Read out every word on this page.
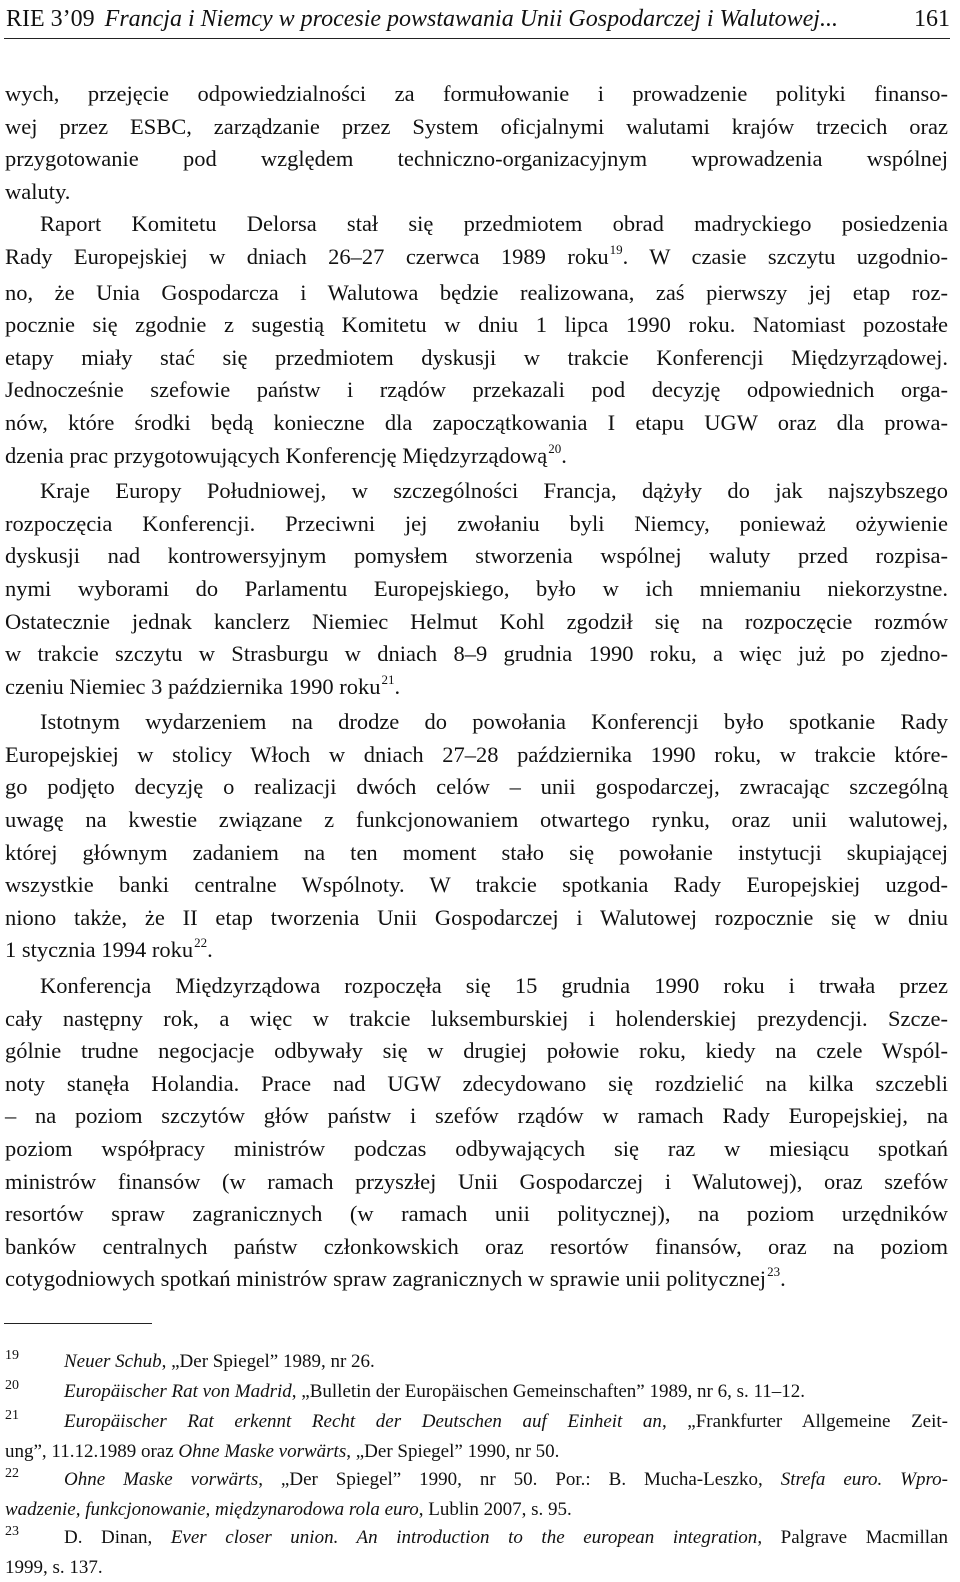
RIE 3’09 Francja i Niemcy w procesie powstawania Unii Gospodarczej i Walutowej...	161

wych, przejęcie odpowiedzialności za formułowanie i prowadzenie polityki finanso-
wej przez ESBC, zarządzanie przez System oficjalnymi walutami krajów trzecich oraz
przygotowanie pod względem techniczno-organizacyjnym wprowadzenia wspólnej
waluty.

Raport Komitetu Delorsa stał się przedmiotem obrad madryckiego posiedzenia
Rady Europejskiej w dniach 26–27 czerwca 1989 roku$^{19}$. W czasie szczytu uzgodnio-
no, że Unia Gospodarcza i Walutowa będzie realizowana, zaś pierwszy jej etap roz-
pocznie się zgodnie z sugestią Komitetu w dniu 1 lipca 1990 roku. Natomiast pozostałe
etapy miały stać się przedmiotem dyskusji w trakcie Konferencji Międzyrządowej.
Jednocześnie szefowie państw i rządów przekazali pod decyzję odpowiednich orga-
nów, które środki będą konieczne dla zapoczątkowania I etapu UGW oraz dla prowa-
dzenia prac przygotowujących Konferencję Międzyrządową$^{20}$.

Kraje Europy Południowej, w szczególności Francja, dążyły do jak najszybszego
rozpoczęcia Konferencji. Przeciwni jej zwołaniu byli Niemcy, ponieważ ożywienie
dyskusji nad kontrowersyjnym pomysłem stworzenia wspólnej waluty przed rozpisa-
nymi wyborami do Parlamentu Europejskiego, było w ich mniemaniu niekorzystne.
Ostatecznie jednak kanclerz Niemiec Helmut Kohl zgodził się na rozpoczęcie rozmów
w trakcie szczytu w Strasburgu w dniach 8–9 grudnia 1990 roku, a więc już po zjedno-
czeniu Niemiec 3 października 1990 roku$^{21}$.

Istotnym wydarzeniem na drodze do powołania Konferencji było spotkanie Rady
Europejskiej w stolicy Włoch w dniach 27–28 października 1990 roku, w trakcie które-
go podjęto decyzję o realizacji dwóch celów – unii gospodarczej, zwracając szczególną
uwagę na kwestie związane z funkcjonowaniem otwartego rynku, oraz unii walutowej,
której głównym zadaniem na ten moment stało się powołanie instytucji skupiającej
wszystkie banki centralne Wspólnoty. W trakcie spotkania Rady Europejskiej uzgod-
niono także, że II etap tworzenia Unii Gospodarczej i Walutowej rozpocznie się w dniu
1 stycznia 1994 roku$^{22}$.

Konferencja Międzyrządowa rozpoczęła się 15 grudnia 1990 roku i trwała przez
cały następny rok, a więc w trakcie luksemburskiej i holenderskiej prezydencji. Szcze-
gólnie trudne negocjacje odbywały się w drugiej połowie roku, kiedy na czele Wspól-
noty stanęła Holandia. Prace nad UGW zdecydowano się rozdzielić na kilka szczebli
– na poziom szczytów głów państw i szefów rządów w ramach Rady Europejskiej, na
poziom współpracy ministrów podczas odbywających się raz w miesiącu spotkań
ministrów finansów (w ramach przyszłej Unii Gospodarczej i Walutowej), oraz szefów
resortów spraw zagranicznych (w ramach unii politycznej), na poziom urzędników
banków centralnych państw członkowskich oraz resortów finansów, oraz na poziom
cotygodniowych spotkań ministrów spraw zagranicznych w sprawie unii politycznej$^{23}$.

19 Neuer Schub, „Der Spiegel” 1989, nr 26.
20 Europäischer Rat von Madrid, „Bulletin der Europäischen Gemeinschaften” 1989, nr 6, s. 11–12.
21 Europäischer Rat erkennt Recht der Deutschen auf Einheit an, „Frankfurter Allgemeine Zeit-
ung”, 11.12.1989 oraz Ohne Maske vorwärts, „Der Spiegel” 1990, nr 50.
22 Ohne Maske vorwärts, „Der Spiegel” 1990, nr 50. Por.: B. Mucha-Leszko, Strefa euro. Wpro-
wadzenie, funkcjonowanie, międzynarodowa rola euro, Lublin 2007, s. 95.
23 D. Dinan, Ever closer union. An introduction to the european integration, Palgrave Macmillan
1999, s. 137.
